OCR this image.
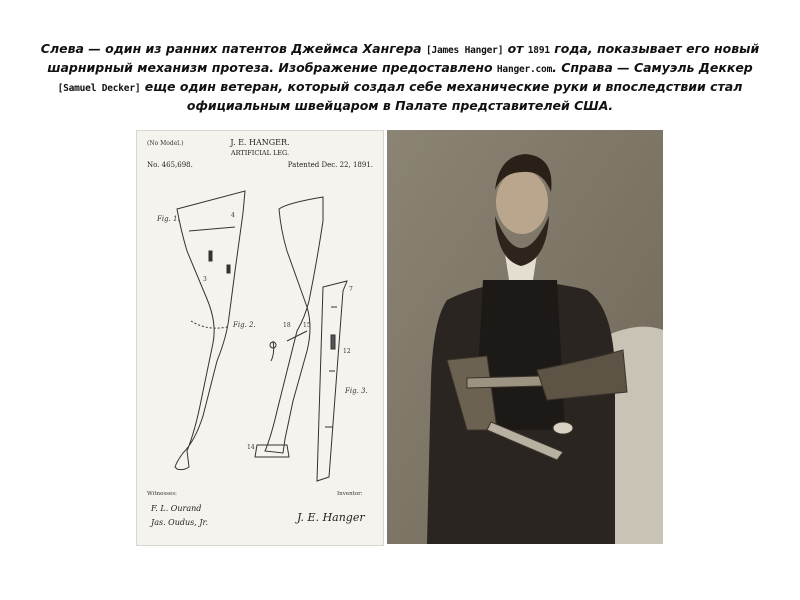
Слева — один из ранних патентов Джеймса Хангера [James Hanger] от 1891 года, показывает его новый шарнирный механизм протеза. Изображение предоставлено Hanger.com. Справа — Самуэль Деккер [Samuel Decker] еще один ветеран, который создал себе механические руки и впоследствии стал официальным швейцаром в Палате представителей США.
(No Model.)	J. E. HANGER.
ARTIFICIAL LEG.
No. 465,698.	Patented Dec. 22, 1891.
3
4
Fig. 1.
18 15
14
Fig. 2.
7
12
Fig. 3.
Witnesses:	Inventor:
F. L. Ourand
Jas. Oudus, Jr.	J. E. Hanger
